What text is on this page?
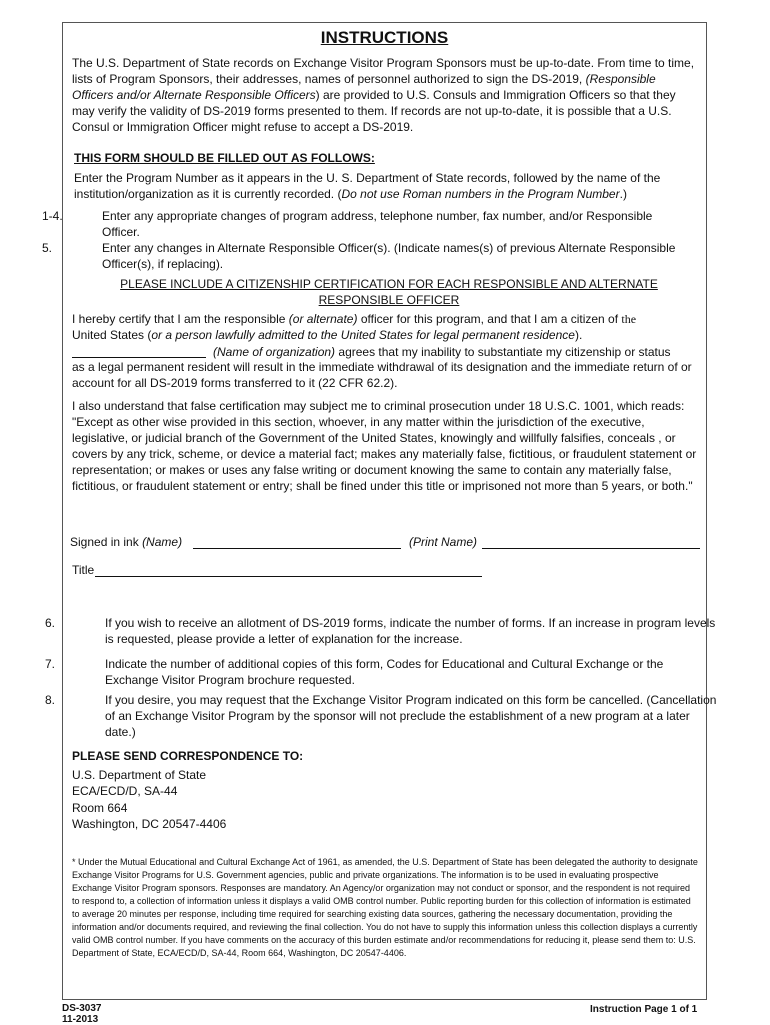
INSTRUCTIONS

The U.S. Department of State records on Exchange Visitor Program Sponsors must be up-to-date. From time to time, lists of Program Sponsors, their addresses, names of personnel authorized to sign the DS-2019, (Responsible Officers and/or Alternate Responsible Officers) are provided to U.S. Consuls and Immigration Officers so that they may verify the validity of DS-2019 forms presented to them. If records are not up-to-date, it is possible that a U.S. Consul or Immigration Officer might refuse to accept a DS-2019.

THIS FORM SHOULD BE FILLED OUT AS FOLLOWS:

Enter the Program Number as it appears in the U. S. Department of State records, followed by the name of the institution/organization as it is currently recorded. (Do not use Roman numbers in the Program Number.)

1-4.	Enter any appropriate changes of program address, telephone number, fax number, and/or Responsible Officer.
5.	Enter any changes in Alternate Responsible Officer(s). (Indicate names(s) of previous Alternate Responsible Officer(s), if replacing).

PLEASE INCLUDE A CITIZENSHIP CERTIFICATION FOR EACH RESPONSIBLE AND ALTERNATE RESPONSIBLE OFFICER

I hereby certify that I am the responsible (or alternate) officer for this program, and that I am a citizen of the

United States (or a person lawfully admitted to the United States for legal permanent residence).

(Name of organization) agrees that my inability to substantiate my citizenship or status

as a legal permanent resident will result in the immediate withdrawal of its designation and the immediate return of or account for all DS-2019 forms transferred to it (22 CFR 62.2).

I also understand that false certification may subject me to criminal prosecution under 18 U.S.C. 1001, which reads: "Except as other wise provided in this section, whoever, in any matter within the jurisdiction of the executive, legislative, or judicial branch of the Government of the United States, knowingly and willfully falsifies, conceals , or covers by any trick, scheme, or device a material fact; makes any materially false, fictitious, or fraudulent statement or representation; or makes or uses any false writing or document knowing the same to contain any materially false, fictitious, or fraudulent statement or entry; shall be fined under this title or imprisoned not more than 5 years, or both."

Signed in ink (Name)	(Print Name)

Title

6.	If you wish to receive an allotment of DS-2019 forms, indicate the number of forms. If an increase in program levels is requested, please provide a letter of explanation for the increase.
7.	Indicate the number of additional copies of this form, Codes for Educational and Cultural Exchange or the Exchange Visitor Program brochure requested.
8.	If you desire, you may request that the Exchange Visitor Program indicated on this form be cancelled. (Cancellation of an Exchange Visitor Program by the sponsor will not preclude the establishment of a new program at a later date.)

PLEASE SEND CORRESPONDENCE TO:

U.S. Department of State

ECA/ECD/D, SA-44

Room 664

Washington, DC 20547-4406

* Under the Mutual Educational and Cultural Exchange Act of 1961, as amended, the U.S. Department of State has been delegated the authority to designate Exchange Visitor Programs for U.S. Government agencies, public and private organizations. The information is to be used in evaluating prospective Exchange Visitor Program sponsors. Responses are mandatory. An Agency/or organization may not conduct or sponsor, and the respondent is not required to respond to, a collection of information unless it displays a valid OMB control number. Public reporting burden for this collection of information is estimated to average 20 minutes per response, including time required for searching existing data sources, gathering the necessary documentation, providing the information and/or documents required, and reviewing the final collection. You do not have to supply this information unless this collection displays a currently valid OMB control number. If you have comments on the accuracy of this burden estimate and/or recommendations for reducing it, please send them to: U.S. Department of State, ECA/ECD/D, SA-44, Room 664, Washington, DC 20547-4406.

DS-3037

11-2013

Instruction Page 1 of 1
